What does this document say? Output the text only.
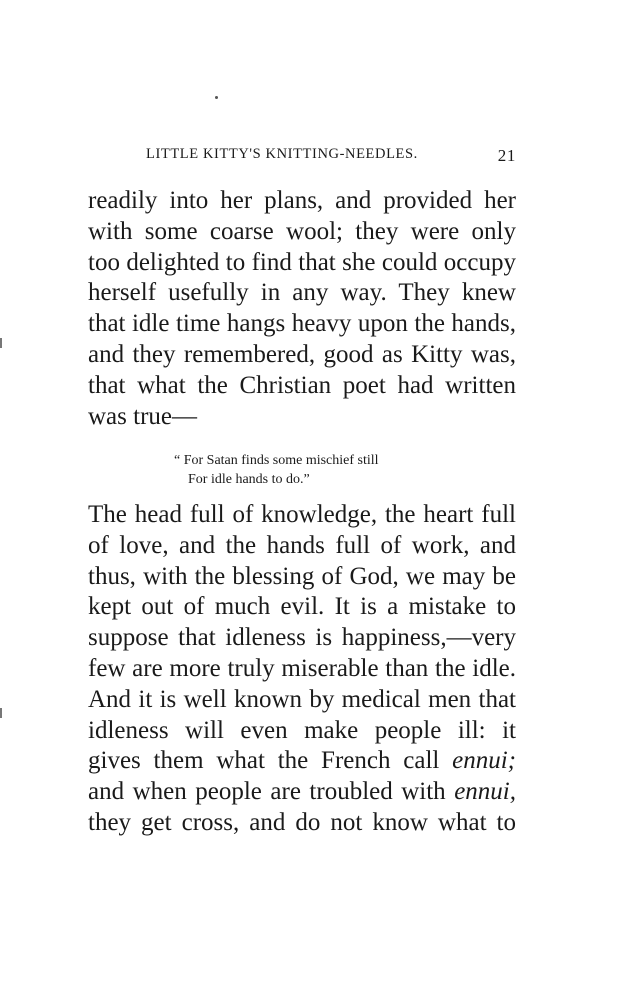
LITTLE KITTY'S KNITTING-NEEDLES.	21
readily into her plans, and provided her
with some coarse wool; they were only
too delighted to find that she could occupy
herself usefully in any way. They knew
that idle time hangs heavy upon the hands,
and they remembered, good as Kitty was,
that what the Christian poet had written
was true—
“ For Satan finds some mischief still
For idle hands to do.”
The head full of knowledge, the heart full
of love, and the hands full of work, and
thus, with the blessing of God, we may be
kept out of much evil. It is a mistake to
suppose that idleness is happiness,—very
few are more truly miserable than the idle.
And it is well known by medical men that
idleness will even make people ill: it
gives them what the French call ennui;
and when people are troubled with ennui,
they get cross, and do not know what to
